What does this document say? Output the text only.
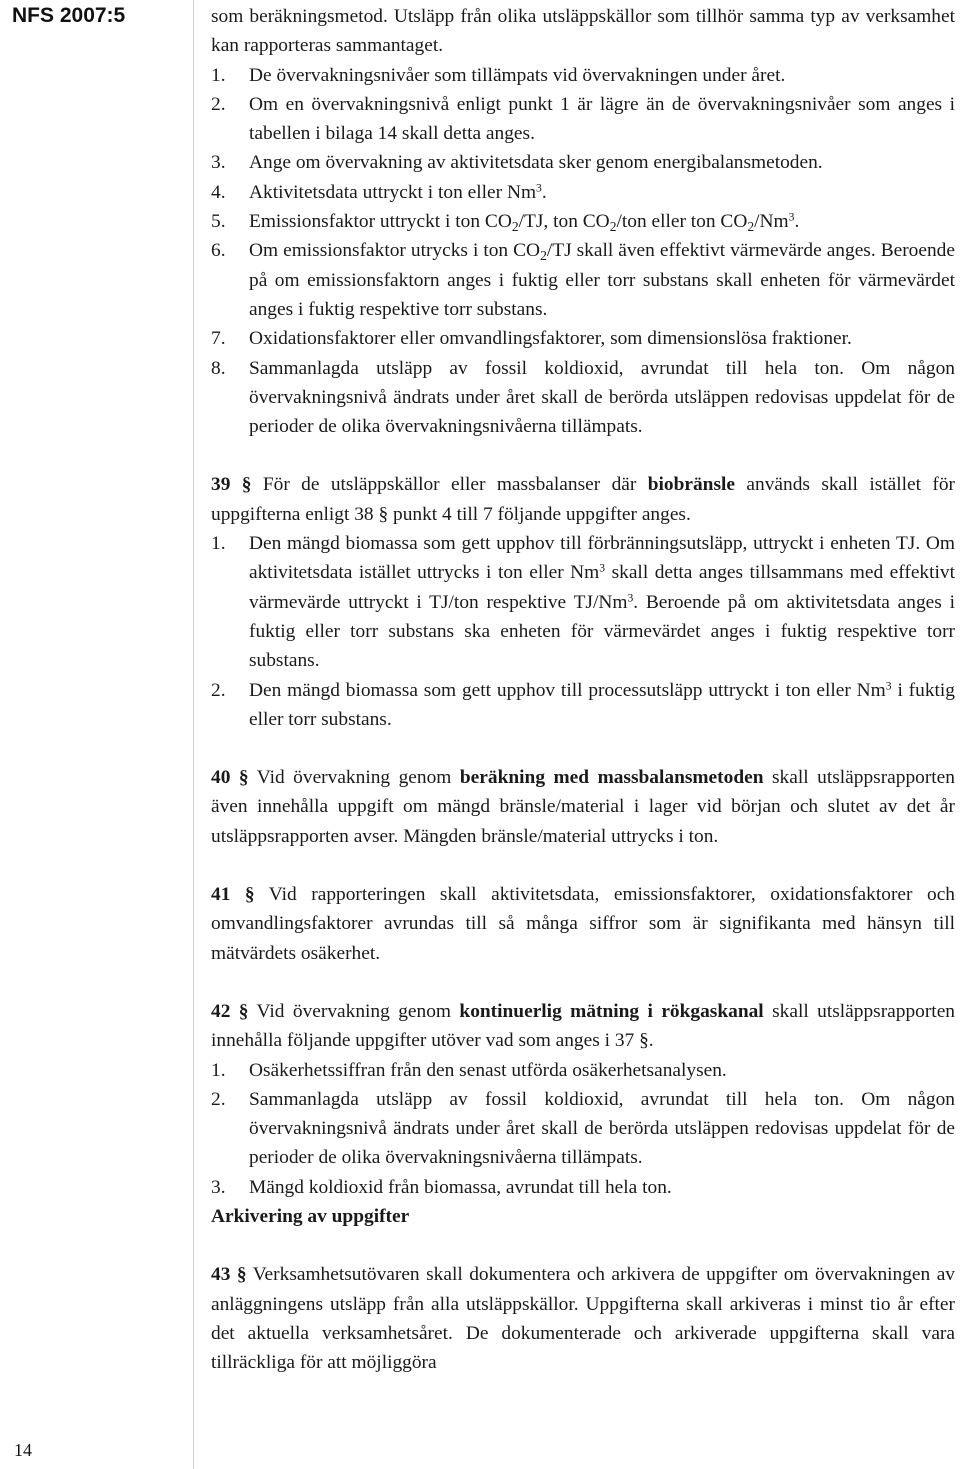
NFS 2007:5
14

som beräkningsmetod. Utsläpp från olika utsläppskällor som tillhör samma typ av verksamhet kan rapporteras sammantaget.

1.	De övervakningsnivåer som tillämpats vid övervakningen under året.
2.	Om en övervakningsnivå enligt punkt 1 är lägre än de övervakningsnivåer som anges i tabellen i bilaga 14 skall detta anges.
3.	Ange om övervakning av aktivitetsdata sker genom energibalansmetoden.
4.	Aktivitetsdata uttryckt i ton eller Nm$^3$.
5.	Emissionsfaktor uttryckt i ton $CO_2/TJ$, ton $CO_2$/ton eller ton $CO_2/Nm^3$.
6.	Om emissionsfaktor utrycks i ton $CO_2/TJ$ skall även effektivt värmevärde anges. Beroende på om emissionsfaktorn anges i fuktig eller torr substans skall enheten för värmevärdet anges i fuktig respektive torr substans.
7.	Oxidationsfaktorer eller omvandlingsfaktorer, som dimensionslösa fraktioner.
8.	Sammanlagda utsläpp av fossil koldioxid, avrundat till hela ton. Om någon övervakningsnivå ändrats under året skall de berörda utsläppen redovisas uppdelat för de perioder de olika övervakningsnivåerna tillämpats.

39 § För de utsläppskällor eller massbalanser där biobränsle används skall istället för uppgifterna enligt 38 § punkt 4 till 7 följande uppgifter anges.

1.	Den mängd biomassa som gett upphov till förbränningsutsläpp, uttryckt i enheten TJ. Om aktivitetsdata istället uttrycks i ton eller Nm$^3$ skall detta anges tillsammans med effektivt värmevärde uttryckt i TJ/ton respektive TJ/Nm$^3$. Beroende på om aktivitetsdata anges i fuktig eller torr substans ska enheten för värmevärdet anges i fuktig respektive torr substans.
2.	Den mängd biomassa som gett upphov till processutsläpp uttryckt i ton eller Nm$^3$ i fuktig eller torr substans.

40 § Vid övervakning genom beräkning med massbalansmetoden skall utsläppsrapporten även innehålla uppgift om mängd bränsle/material i lager vid början och slutet av det år utsläppsrapporten avser. Mängden bränsle/material uttrycks i ton.

41 § Vid rapporteringen skall aktivitetsdata, emissionsfaktorer, oxidationsfaktorer och omvandlingsfaktorer avrundas till så många siffror som är signifikanta med hänsyn till mätvärdets osäkerhet.

42 § Vid övervakning genom kontinuerlig mätning i rökgaskanal skall utsläppsrapporten innehålla följande uppgifter utöver vad som anges i 37 §.

1.	Osäkerhetssiffran från den senast utförda osäkerhetsanalysen.
2.	Sammanlagda utsläpp av fossil koldioxid, avrundat till hela ton. Om någon övervakningsnivå ändrats under året skall de berörda utsläppen redovisas uppdelat för de perioder de olika övervakningsnivåerna tillämpats.
3.	Mängd koldioxid från biomassa, avrundat till hela ton.

Arkivering av uppgifter

43 § Verksamhetsutövaren skall dokumentera och arkivera de uppgifter om övervakningen av anläggningens utsläpp från alla utsläppskällor. Uppgifterna skall arkiveras i minst tio år efter det aktuella verksamhetsåret. De dokumenterade och arkiverade uppgifterna skall vara tillräckliga för att möjliggöra
